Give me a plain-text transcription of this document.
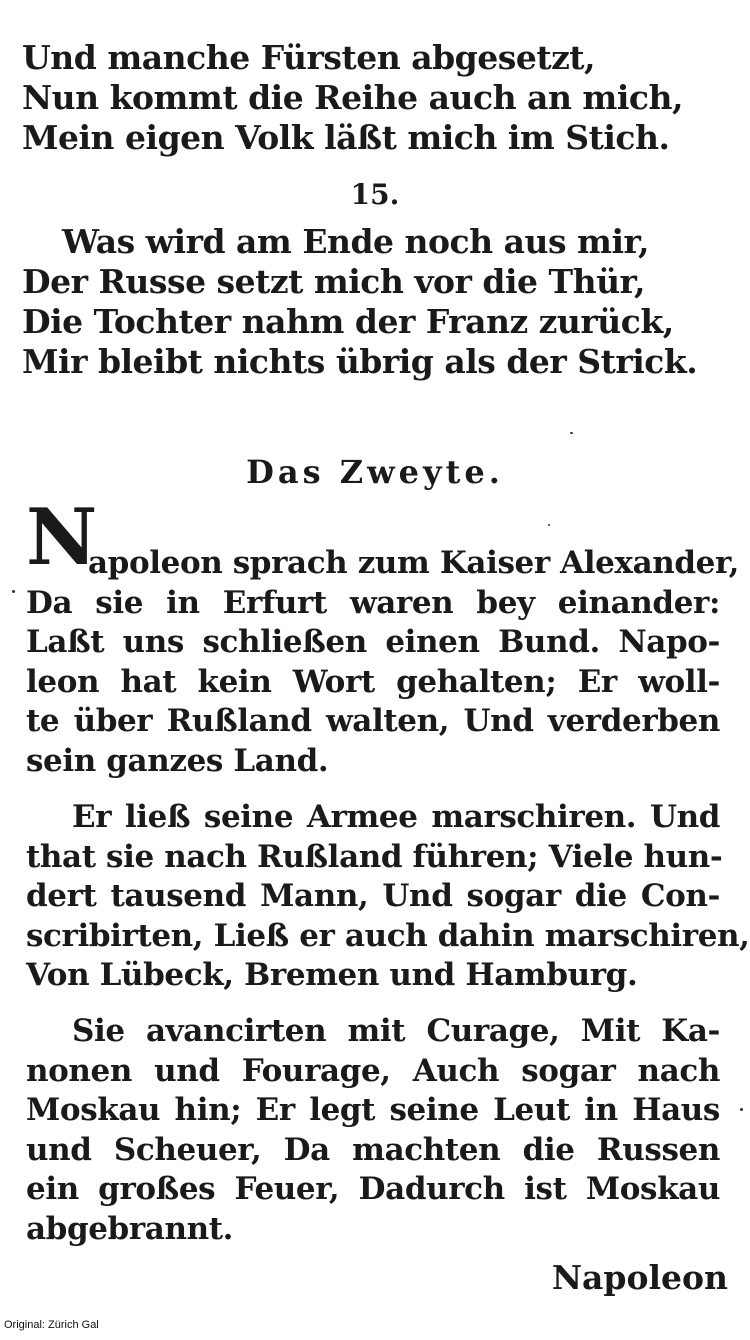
Und manche Fürsten abgesetzt,
Nun kommt die Reihe auch an mich,
Mein eigen Volk läßt mich im Stich.
15.
Was wird am Ende noch aus mir,
Der Russe setzt mich vor die Thür,
Die Tochter nahm der Franz zurück,
Mir bleibt nichts übrig als der Strick.
Das Zweyte.
N
apoleon sprach zum Kaiser Alexander,
Da sie in Erfurt waren bey einander:
Laßt uns schließen einen Bund. Napo-
leon hat kein Wort gehalten; Er woll-
te über Rußland walten, Und verderben
sein ganzes Land.
Er ließ seine Armee marschiren. Und
that sie nach Rußland führen; Viele hun-
dert tausend Mann, Und sogar die Con-
scribirten, Ließ er auch dahin marschiren,
Von Lübeck, Bremen und Hamburg.
Sie avancirten mit Curage, Mit Ka-
nonen und Fourage, Auch sogar nach
Moskau hin; Er legt seine Leut in Haus
und Scheuer, Da machten die Russen
ein großes Feuer, Dadurch ist Moskau
abgebrannt.
Napoleon
Original: Zürich Gal
